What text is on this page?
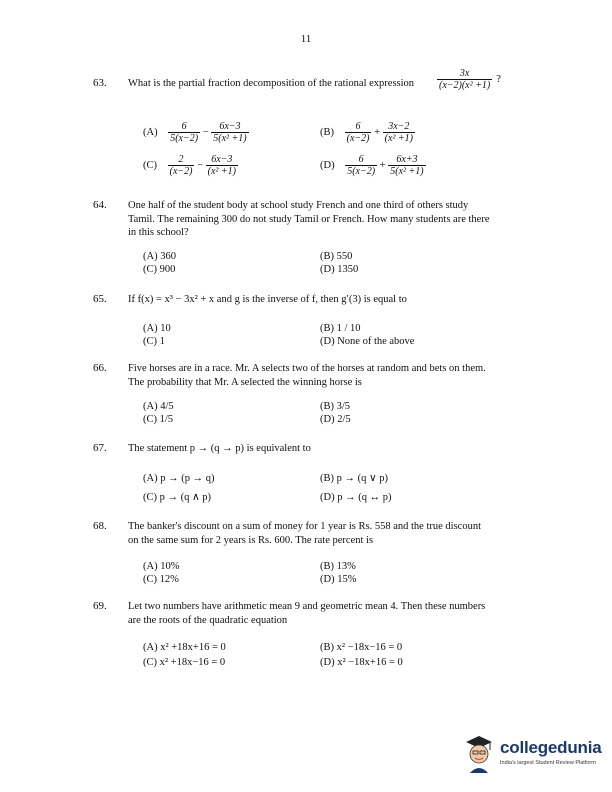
11
63. What is the partial fraction decomposition of the rational expression $\frac{3x}{\text{(x−2)(x² +1)}}$ ?
$(A) \frac{6}{5(x-2)} - \frac{6x-3}{\text{5(x² +1)}}$	$(B) \frac{6}{(x-2)} + \frac{3x-2}{\text{(x² +1)}}$
$(C) \frac{2}{(x-2)} - \frac{6x-3}{\text{(x² +1)}}$	$(D) \frac{6}{5(x-2)} + \frac{6x+3}{\text{5(x² +1)}}$
64. One half of the student body at school study French and one third of others study
Tamil. The remaining 300 do not study Tamil or French. How many students are there
in this school?
(A) 360	(B) 550
(C) 900	(D) 1350
65. If f(x) = x³ − 3x² + x and g is the inverse of f, then g′(3) is equal to
(A) 10	(B) 1 / 10
(C) 1	(D) None of the above
66. Five horses are in a race. Mr. A selects two of the horses at random and bets on them.
The probability that Mr. A selected the winning horse is
(A) 4/5	(B) 3/5
(C) 1/5	(D) 2/5
67. The statement p → (q → p) is equivalent to
(A) p → (p → q)	(B) p → (q ∨ p)
(C) p → (q ∧ p)	(D) p → (q ↔ p)
68. The banker's discount on a sum of money for 1 year is Rs. 558 and the true discount
on the same sum for 2 years is Rs. 600. The rate percent is
(A) 10%	(B) 13%
(C) 12%	(D) 15%
69. Let two numbers have arithmetic mean 9 and geometric mean 4. Then these numbers
are the roots of the quadratic equation
(A) x² +18x+16 = 0	(B) x² −18x−16 = 0
(C) x² +18x−16 = 0	(D) x² −18x+16 = 0
collegedunia
India's largest Student Review Platform
